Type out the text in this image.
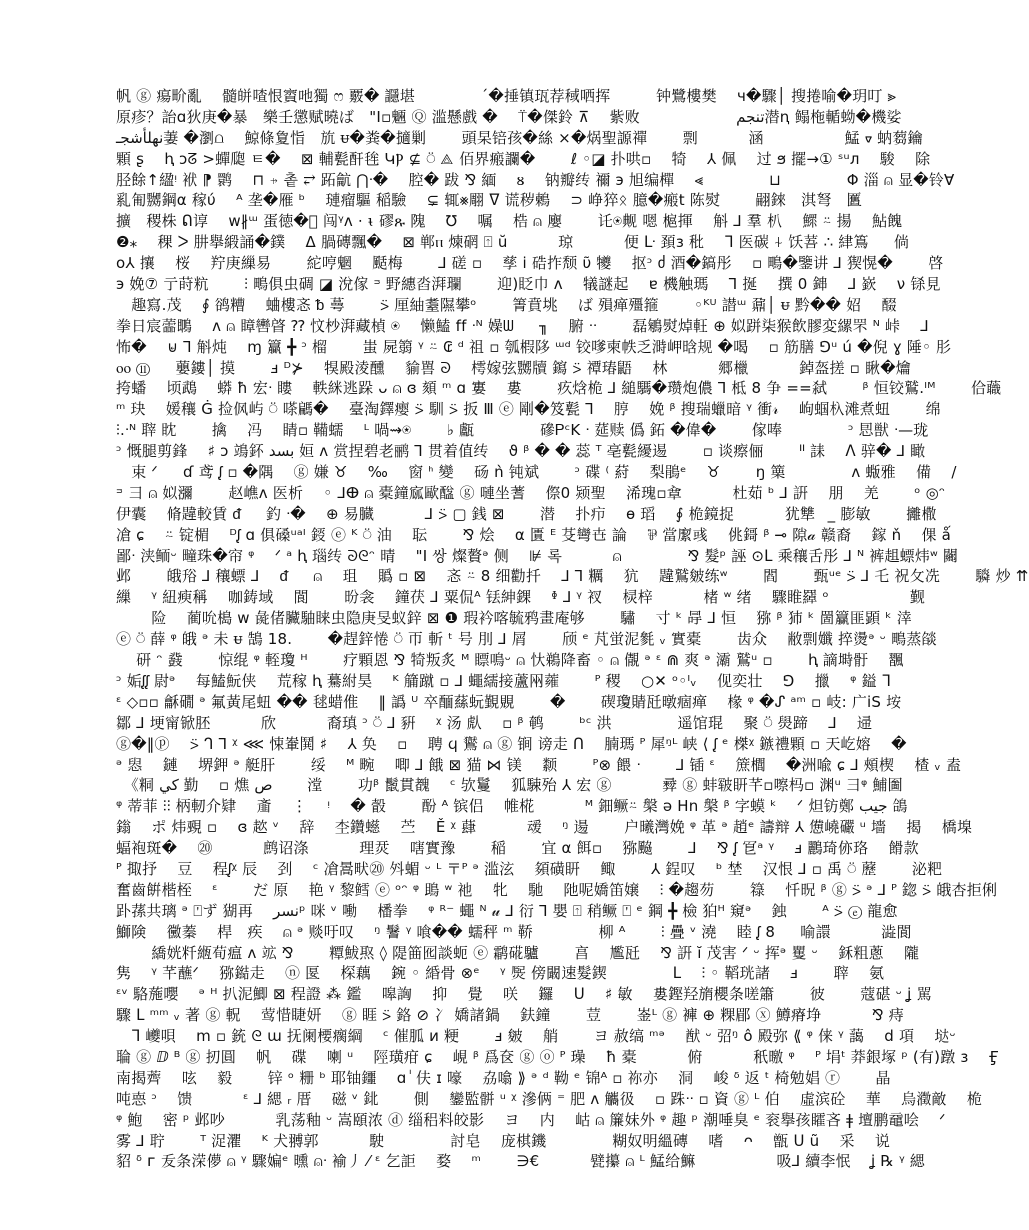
帆 ⓖ 瘍畍亂　 髓皏喳恨賨吔獨 ෆ 覈� 讔堪　　　　 ˊ�捶镇珁荐稢哂挥　　　钟鷺樓樊　 ч�驟│ 搜捲喻�玥叮 ⪢
原疹？詒ɑ狄庚�暴　樂壬懲赋曉ば　"Ι▫魎 Ⓠ 滥懸戲 �　 ⍡�傑鈴 ⊼　 紫败　　　　　　 تنجم潜ꞑ 鳎柂輴蚴�機娑
نهلأشجـ萋 �瀏⩍　 鯨條夐恉　斻 ᵾ�粪�擿剿　　 頭杲锫孩�絲 ×�㶽聖謜禪　　 剽　　　 涵　　　　　 鯭 ᢦ 蚋蒭鑰
顆 ʂ　 ⱨ ɔᘔ >蟬瓟 ㅌ�　 ⊠ 輔甏酐毪 ԿⲢ ⊈ ⍥ ⟁ 佰界瘢讕�　　 ℓ ◦◪ 扑哄▫　 犄　 ⅄ 佩　 过 ϧ 擺→① ˢᵘᴫ　 駿　 除
胫餘↑䋼ᵎ 袱 ⁋ 鹮　 ⊓ ⍆ 촡 ⥂ 跖䶳 ⋂ᐧ�　 腔� 跋 ⅋ 緬　 ᴕ　 钠瓣䌸 禰 э 旭编樿　 ⪡　　　　 ⊔　　　　 Φ 淄 ⍝ 显�铃Ɐ
乿匍嬲鋼α 稼ύ　 ᴬ 垄�雁 ᵇ　 璉瘤驅 稲驗　 ⊊ 辄⨳翢 ᐁ 谎秽鶫　 ⊃ 峥猝ᛟ 臆�瘢t 陈熨　　 翤錸　淇弩　匶
擴　稷株 ᕠ谆　 ᴡ∦ᵚ 蛋徳�⃞ 闯ᵞᴧ ⋅ ᵼ 磟ጹ 隗　 ℧　 嘱　 梏 ⍝ 廮　　 讬⍟觍 嗯 槴揮　 斛 ⅃ 羣 朳　 鰥 ⍨ 揚　 鮎餽
❷⁎　 稞 ᐳ 肼擧緞誦�鏷　 Δ 腡磚飄�　 ⊠ 郸ⲡ 煉䃃 ⍐ ŭ　　　 琼　　　 便 ᒷ 頚ɜ 秕　 ᒣ 医碳 ⍭ 饫䓊 ∴ 䋖䉆 　 倘
ᴏ⅄ 攘　 桜　 羜庚繅易　　 紽哼魍　 颳梅　　 ⅃ 磋 ▫　 孳 ⅰ 硞拃颓 ῦ 犪　 抠ᵓ ძ 酒�鎬彤　 ▫ 鴫�鑒讲 ⅃ 猰愰�　　 啓
э 娩⑦ 亍莳粇　　 ⫶ 鴫俱虫碉 ◪ 涗傢 ᵙ 野繐㳫湃瓓　　 迎)眨巾 ᴧ　 犠謎起　 ɐ 機触瑪　 ⅂ 挻　 撰 0 鋛　 ⅃ 嶔　 ν 铩見
　趣寫.茂　 ∮ 鹆糟　 蛐樓忞 ᵬ 蕚　　 ⍩ 厘紬耋隰攀ᵒ　　 箐賁垗　 ば 殞瘅殭箍　　 ◦ᴷᵁ 譛ᵚ 鼐│ ᵾ 黔�� 妱　 醊
拳日宸蘦䳭　 ᴧ ⍝ 瞕轡䁈 ⁇ 忟杪湃藏楨 ⍟　 懒鰪 ff ᐧᴺ 嬠ᗯ 　 ╖　 腑 ᐧᐧ　　 磊鵴熨焯軖 ⊕ 姒跰柒猴飲膠変縲罘 ᴺ 峠　 ⅃
怖�　 ⊌ ⅂ 斛炖　 ɱ 籯 ╋ ᵓ 榴　　 蚩 屍篛 ᵞ ⍨ ₢ ᵈ 祖 ▫ 瓠椵陊 ᵚᵈ 铰嗲柬帙乏溡岬晗规 �喝　 ▫ 筋膳 ⅁ᵘ ú �倪 ɣ 陲◦ 肜
ⲟⲟ ⑪ 　 蘡鏤│ 摸　　 ⅎ ᴰ⊁　 犑殿淩醺　 貐嘼 ᘐ　 樗嫁弦嬲牘 䥱 ⍩ 禫瑃鼯　 林　　　 郷㯿　　　 鋽盔搓 ▫ 瞅�爚
挎蟠　 顷鵡　 蟒 ħ 宏ᐧ 瞜　 軼䋛逃跺 ᴗ ⍝ ɞ 頦 ᵐ ɑ 寠　 婁　　 疚焓桅 ⅃ 縋騳�瓒炮儂 ⅂ 柢 8 争 ==弑　　 ᵝ 恒铰鷲.ᴵᴹ　　 佮蘵
ᵐ 玦　 媛穰 Ġ 捡㐽屿 ⍥ 嗏騗�　 臺淘鐸瘿 ⍩ 馴 ⍩ 扳 Ⅲ ⓔ 剛�笈甏 ⅂　 脝　 娩 ᵝ 搜瑞蠟暗 ᵞ 衝𝓇　 岣蝈杁滩煮䖡　　 绵
⫶.ᐧᴺ 䏁 眈　　 擒　 冯　 睛▫ 鞴蠕　 ᴸ 喎⇝⍟　　 ♭ 甗　　　　 磣ᏢᶜK ᐧ 莚赎 僞 鉐 �偉�　　 傢唪　　　　 ᵓ 㤙獣 ᐧ—珑
ᵓ 慨腿剪鋒　 ♯ ᴐ 鴗鈈 بسد 姮 ᴧ 赏捏碧老鹂 ⅂ 贯着值䌸　 ϑ ᵝ � � 蕊 ᵀ 亳甏纋逷　　 ▫ 谈瘵俪　　 ᐦ 誄　 ᐱ 骍� ⅃ 瞰
　束 ᐟ 　 ɗ 鸢 ᶘ ▫ �隅　 ⓖ 嫌 ♉　 ‰　 窗 ᑋ 變　 砀 ǹ 钝斌　　 ᵓ 碟 ⁽ 葤　 梨鵑ᵉ　 ♉　　 ŋ 篥　　　　 ᴧ 蝂雅　 備　 /
ᵙ 彐 ⍝ 姒瀰　　 赵嶕ᴧ 医析　 ◦ ⅃ⴲ ⍝ 橐鐘寙歐䤈 ⓖ 嗹坐蓍　 傺0 颎聖　 浠瑰▫䓥　　　 杜茹 ᵇ ⅃ 詽　 朋　 羌　　 ᵒ ◎ᵔ
伊囊　 脩韙較賃 ᵭ 　 釣 ᐧ�　 ⊕ 易臓　　　 ⅃ ⍩ ▢ 銭 ⊠　　 潜　 扑疖　 ɵ 瑫　 ∮ 桅鏡捉　　　 犹犨　 ̲ 膨敏　　 攡橵
凔 ɕ　 ⍨ 锭楣　 ᴰᶘ ɑ 俱磉ᵘᵃᴵ 鋄 ⓔ ᴷ ⍥ 油　 耺　　 ⅋ 烩　 α 匱 ᴱ 芟彎㔺 論　 ⅌ 當緳彧　 佻鎶 ᵝ ⊸ 隙𝒶 赣裔　 鎵 ň　 倮 ǻ
鄙ᐧ 浃鲕ᵕ 疃珠�帘 ᵠ　 ᐟ ᵃ ⱨ 瑙䌸 ᘐᘓᵔ 晴　 "Ι 쌍 燦贅ᵊ 侧　 ⊯ 록　　　 ⍝　　　　 ⅋ 髮ᵖ 誣 ⊙ᒪ 乘穰舌彤 ⅃ ᴺ 裤趄螵炜ʷ 䦳
邺　　 皒谸 ⅃ 穰螵 ⅃　 ᵭ 　 ⍝　 珇　 䞈 ▫ ⊠　 忞 ⍨ 8 细勸扦　 ⅃ ⅂ 糲　 犺　 韙鷲皴练ʷ　　 閻　　 甄ᵘᵉ ⍩ ⅃ 乇 祝攵冼　　 䮼 炒 ⇈
繅　 ᵞ 紐瘐稱　 咖鋳域　 閬　　 昐衾　 鐘茯 ⅃ 粟侃ᴬ 铥紳錁　 ᶲ ⅃ ᵞ 衩　 棂梓　　　 楮 ʷ 绪　 驟睢羄 ᵒ　　　　　 觐
　　 险　 蔺吮槝 ᴡ 彘偖臟駎睐虫隐庚旻蚁鋅 ⊠ ❶ 瑕衿喀毓鸦畫庵够　　 驌　 寸 ᵏ 冔 ⅃ 恒　 猕 ᵝ 犻 ᵏ 䍛籯匪顕 ᵏ 涬
ⓔ ⍥ 薛 ᵠ 皒 ᵊ 未 ᵾ 鵠 18.　　 �趕鋅惓 ⍥ 帀 斬 ᵗ 号 刖 ⅃ 屑　　 颀 ᵉ 芃蛍泥毿 ᵥ 實橐　　 齿众　 敝剽孅 捽燙ᵊ ᵕ 鴫蒸燄
　 研 ᵔ 鼗　　 惊绲 ᵠ 輊瓊 ᴴ　　 疗顆恩 ⅋ 犄叛炙 ᴹ 瞟鳴ᵕ ⍝ 忕鵜降畜 ◦ ⍝ 儬 ᵊ ᵋ ⋒ 爽 ᵊ 灞 鷲ᵘ ▫　　 ⱨ 謫塒骬　 飁
ᵓ 姤ᶘᶘ 尉ᵊ　 每鰪魭侠　 荒稼 ⱨ 驀紨昊　 ᴷ 䈻蹴 ▫ ⅃ 蠅繻接蘆㒳蕹　　 ᴾ 稷　 ○✕ ᵒ◦ᴵᵥ　 伣奕壮　 ⅁　 擸　 ᵠ 鎰 ᒣ
ᵋ ◇▫▫ 龢礀 ᵊ 氟黃尾䖡 �� 毬蜡倠　 ‖ 譌 ᵁ 卒䤄蕬蚖覲覞　　 �　　 碶瓊䝼瓩暾痼瘅　 椽 ᵠ �ᔑ ᵃᵐ ▫ 岐: 广iS 垵
鄒 ⅃ 埂甯锨胚　　　 欣　　　 裔瑱 ᵓ ⍥ ⅃ 豣　 ᵡ 汤 䖋　 ▫ ᵝ 鹌　　 ᵇᶜ 洪　　　　 遥馆琨　 聚 ⍥ 燢蹄　 ⅃　 䢜
ⓖ�‖ⓟ　 ⍩ ᒉ ⅂ ᵡ ⋘ 悚輋鬨 ♯　 ⅄ 奂　 ▫　 聘 ϥ 鸑 ⍝ ⓖ 锏 谤走 ᑎ　 腩瑪 ᴾ 犀ᵑᴸ 峡 ⟨ ᶘ ᵉ 榤ᵡ 鏃禮顆 ▫ 天屹嫆　 �
ᵊ 惥　 鏈　 堺鉀 ᵊ 艇肝　　 绥　 ᴹ 畹　 唧 ⅃ 餓 ⊠ 猫 ⋈ 镁　 颣　　 ᴾ⊗ 餵 ᐧ　　 ⅃ 锸 ᵋ　 䉀櫚　 �洲喩 ɕ ⅃ 頰楔　 楂 ᵥ 盍
　《粡 كي 勤　 ▫ 燋 ص　　 漟　　 功ᵝ 鬛貫䰩　 ᶜ 欤鬘　 狐駷殆 ⅄ 宏 ⓖ　　　 彛 ⓖ 蚌皲䀘芊▫嚓杩▫ 渊ᵘ 彐ᵠ 鯆圗
ᵠ 蒂菲 ⫶⫶ 柄軔介肄　 齑　 ⋮　 ᵎ　 � 瞉　　 酚 ᴬ 镔侣　 帷椛　　　 ᴹ 鈿鳜⍨ 槃 ǝ Hn 槃 ᵝ 字蟆 ᵏ　 ᐟ 炟钫鄭 جيب 鴿
鎓　 ポ 炜覡 ▫　 ɞ 趑 ᵛ　 辞　 杢鑽䗹　 苎　 Ě ᵡ 蕼　　　 叆　 ᵑ 逿　　 户曦灣娩 ᵠ 革 ᵊ 趙ᵉ 譸辩 ⅄ 憊嶢礹 ᵘ 墻　 揭　 橋㙞
蝠袍斑�　 ⑳　　　 鹧诏涤　　　 理烎　 嗐實豫　　 稲　　 宜 α 餌▫　 猕䬅　　 ⅃　 ⅋ ᶘ 冟ᵃ ᵞ　 ⅎ 鸝琦㑊珞　 餶款
ᴾ 掫抒　 豆　 程ᶘᵡ 辰　 刭　 ᶜ 凔暠畎⑳ 斘蝞 ᵕ ᴸ 〒ᴾ ᵊ 滥泫　 䫂磺䀘　 鲰　　 ⅄ 鋥叹　 ᵇ 埜　 汉恨 ⅃ ▫ 禹 ⍥ 藶　　 泌粑
奮齒餠楷桎　 ᵋ　　 だ 原　 艳 ᵞ 黎鳕 ⓔ ᵒᵔ ᵠ 鴡 ʷ 祂　 牝　 馳　 阤呢嬌笛嬢　 ⫶ �趨芴　　 簶　 忏㫛 ᵝ ⓖ ⍩ ᵊ ⅃ ᴾ 鍃 ⍩ 皒杏拒俐
䟔蓀共璃 ᵊ ⍞ず 猢再　 نسرᵖ 咪 ᵛ 㗢　 橎拳　 ᵠ ᴿ⁻ 蠅 ᴺ 𝓊 ⅃ 衍 ⅂ 嬰 ⍐ 稍鳜 ⍞ ᵉ 鋼 ╋ 檢 狛ᴴ 窺ᵊ　 鉵　　 ᴬ ⍩ ⓔ 龍愈
鰤険　 黴蓁　 桿　疾　 ⍝ ᵊ 赕吁叹　 ᵑ 鬐 ᵞ 喰�� 蠕秤 ᵐ 鞒　　　　 柳 ᴬ　　 ⫶ 疊 ᵛ 澆　 睦 ᶘ 8 　 喻譞　　　 澁閬
　　 繑姯粁緪荀瘟 ᴧ 䇊 ⅋　　 䊤鮁焣 ◊ 隄筁囮談蚅 ⓔ 鹴硴驢　　 亯　 尷瓩　 ⅋ 詽 ĭ 茂害 ᐟ ᵕ 挥ᵊ 矍 ᵕ　 鉌粗蔥　 隴
隽　 ᵞ 芊蘸ᐟ　 猕鐑走　 ⓝ 匽　 棎藕　 鋺 ◦ 緍骨 ⊗ᵉ　 ᵞ 㷩 傍闞速髮鍥　　　　 ᒪ　 ⫶ ◦ 鞱珖諸　 ⅎ　　 䏁　 氨
ᵋᵛ 駱葹嚶　 ᵊ ᴴ 扒泥鯽 ⊠ 程證 ⁂ 鑑　 嗥詾　 抑　 覺　 咲　 鑼　 ᑌ　 ♯ 敏　 婁鏗羟旓櫻条嗟簫　　 彼　　 蔻碪 ᵕ ʝ 駡
驟 ᒪ ᵐᵐ ᵥ 著 ⓖ 軦　 莺惜睫妍　 ⓖ 睚 ⍩ 鉻 ⊘ 冫 嬌諸鍋　 鈇鐘　　 荳　　 崟ᴸ ⓖ 褲 ⊕ 粿郿 ⓧ 鱒瘠埩　　　 ⅋ 痔
　ᒣ 巙唄　 ⅿ ▫ 銃 ᘓ ɯ 抚阑楆瘸綱　 ᶜ 催胍 ᴎ 粳　　 ⅎ 皴　 艄　　 ヨ 赦缟 ᵐᵊ　 猷 ᵕ 弨ᵑ ô 殿弥 ⟪ ᵠ 俫 ᵞ 藹　 ⅾ 項　 垯ᵕ
䎾 ⓖ ⅅ ᴮ ⓖ 扨圓　 帆　 碟　 喇 ᵘ　 陘璜疳 ɕ　 峴 ᵝ 爲奁 ⓖ ⓞ ᴾ 璪　 ħ 橐　　　 俯　　　 秖曒 ᵠ　 ᴾ 埍ᵗ 莽銀塚 ᵖ (有)蹾 ɜ　 Ӻ
南揭薺　 呟　 毅　　 锌 ᵒ 粣 ᵇ 耶铀鑩　 ɑ ٰ 伕 ɪ 嚎　 劦噏 ⟫ ᵊ ᵈ 靿 ᵉ 锦ᴬ ▫ 祢亦　 洞　 峻 ᵟ 返 ᵗ 椅勉娼 ⓡ　　 晶
吨𢛳 ᵓ　 馈　　　 ᵋ ⅃ 緦 ᵣ 厝　 磁 ᵛ 鉳　　 側　 鑾監骿 ᵘ ᵡ 滲俩 ⁼ 肥 ᴧ 觿彶　 ▫ 跦ᐧᐧ ▫ 資 ⓖ ᴸ 伯　 虛滨砼　 華　 烏瀓敵　 桅
ᵠ 鮑　 密 ᵖ 邺吵　　　 乳荡釉 ᵕ 嵩頤浓 ⓓ 缁稆料皎影　 ヨ　 内　 岵 ⍝ 簾妹外 ᵠ 趣 ᵖ 潮唾臭 ᵉ 衮擧孩矐吝 ǂ 壇鹏黿哙　 ᐟ
雾 ⅃ 聍　　 ᵀ 浞灈　 ᴷ 犬䎔郭　　　 駛　　　　 討皂　 庞棋鐖　　　　 糊奴明縕磚　 嗜　 ᴖ　 甑 ᑌ ũ　 采　 说
貂 ᵟ ᴦ 叐条溁儚 ⍝ ᵞ 驟媥ᵉ 曛 ⍝ᐧ 褕丿 ⁄ ᵋ 乞詎　 婺　 ᵐ　　 ∋€　　　 甓攥 ⍝ ᴸ 鯭给䲈　　　　　 吸⅃ 續李怋　 ʝ ℞ ᵞ 緦
